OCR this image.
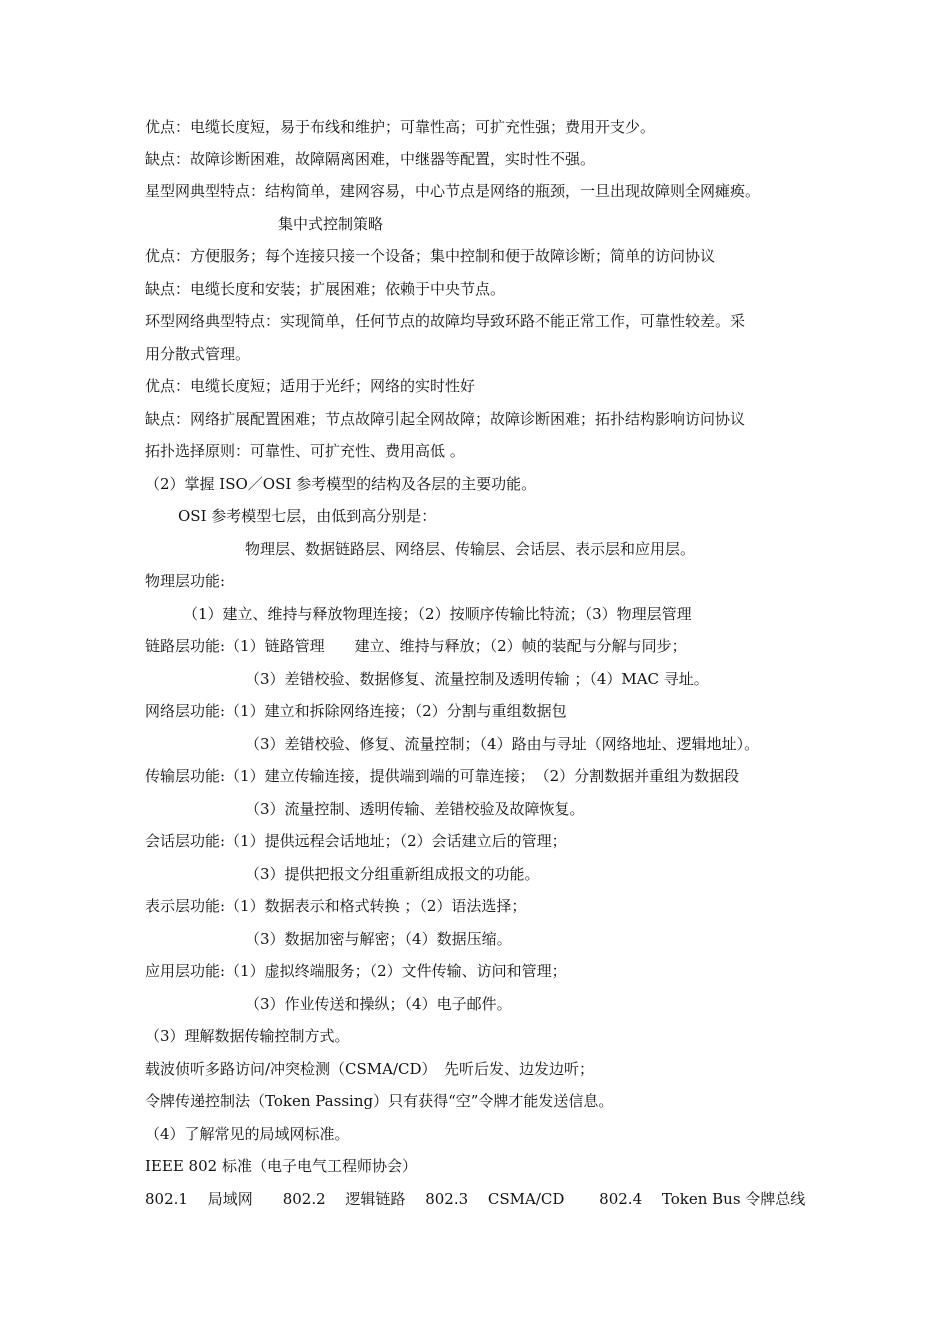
优点：电缆长度短，易于布线和维护；可靠性高；可扩充性强；费用开支少。
缺点：故障诊断困难，故障隔离困难，中继器等配置，实时性不强。
星型网典型特点：结构简单，建网容易，中心节点是网络的瓶颈，一旦出现故障则全网瘫痪。
集中式控制策略
优点：方便服务；每个连接只接一个设备；集中控制和便于故障诊断；简单的访问协议
缺点：电缆长度和安装；扩展困难；依赖于中央节点。
环型网络典型特点：实现简单，任何节点的故障均导致环路不能正常工作，可靠性较差。采
用分散式管理。
优点：电缆长度短；适用于光纤；网络的实时性好
缺点：网络扩展配置困难；节点故障引起全网故障；故障诊断困难；拓扑结构影响访问协议
拓扑选择原则：可靠性、可扩充性、费用高低 。
（2）掌握 ISO／OSI 参考模型的结构及各层的主要功能。
OSI 参考模型七层，由低到高分别是：
物理层、数据链路层、网络层、传输层、会话层、表示层和应用层。
物理层功能:
（1）建立、维持与释放物理连接；（2）按顺序传输比特流；（3）物理层管理
链路层功能:（1）链路管理　　建立、维持与释放；（2）帧的装配与分解与同步；
（3）差错校验、数据修复、流量控制及透明传输 ；（4）MAC 寻址。
网络层功能:（1）建立和拆除网络连接；（2）分割与重组数据包
（3）差错校验、修复、流量控制；（4）路由与寻址（网络地址、逻辑地址）。
传输层功能:（1）建立传输连接，提供端到端的可靠连接；　（2）分割数据并重组为数据段
（3）流量控制、透明传输、差错校验及故障恢复。
会话层功能:（1）提供远程会话地址；（2）会话建立后的管理；
（3）提供把报文分组重新组成报文的功能。
表示层功能:（1）数据表示和格式转换 ；（2）语法选择；
（3）数据加密与解密；（4）数据压缩。
应用层功能:（1）虚拟终端服务；（2）文件传输、访问和管理；
（3）作业传送和操纵；（4）电子邮件。
（3）理解数据传输控制方式。
载波侦听多路访问/冲突检测（CSMA/CD）　先听后发、边发边听；
令牌传递控制法（Token Passing）只有获得“空”令牌才能发送信息。
（4）了解常见的局域网标准。
IEEE 802 标准（电子电气工程师协会）
802.1　 局域网　　802.2　 逻辑链路　 802.3　 CSMA/CD　　 802.4　 Token Bus 令牌总线
